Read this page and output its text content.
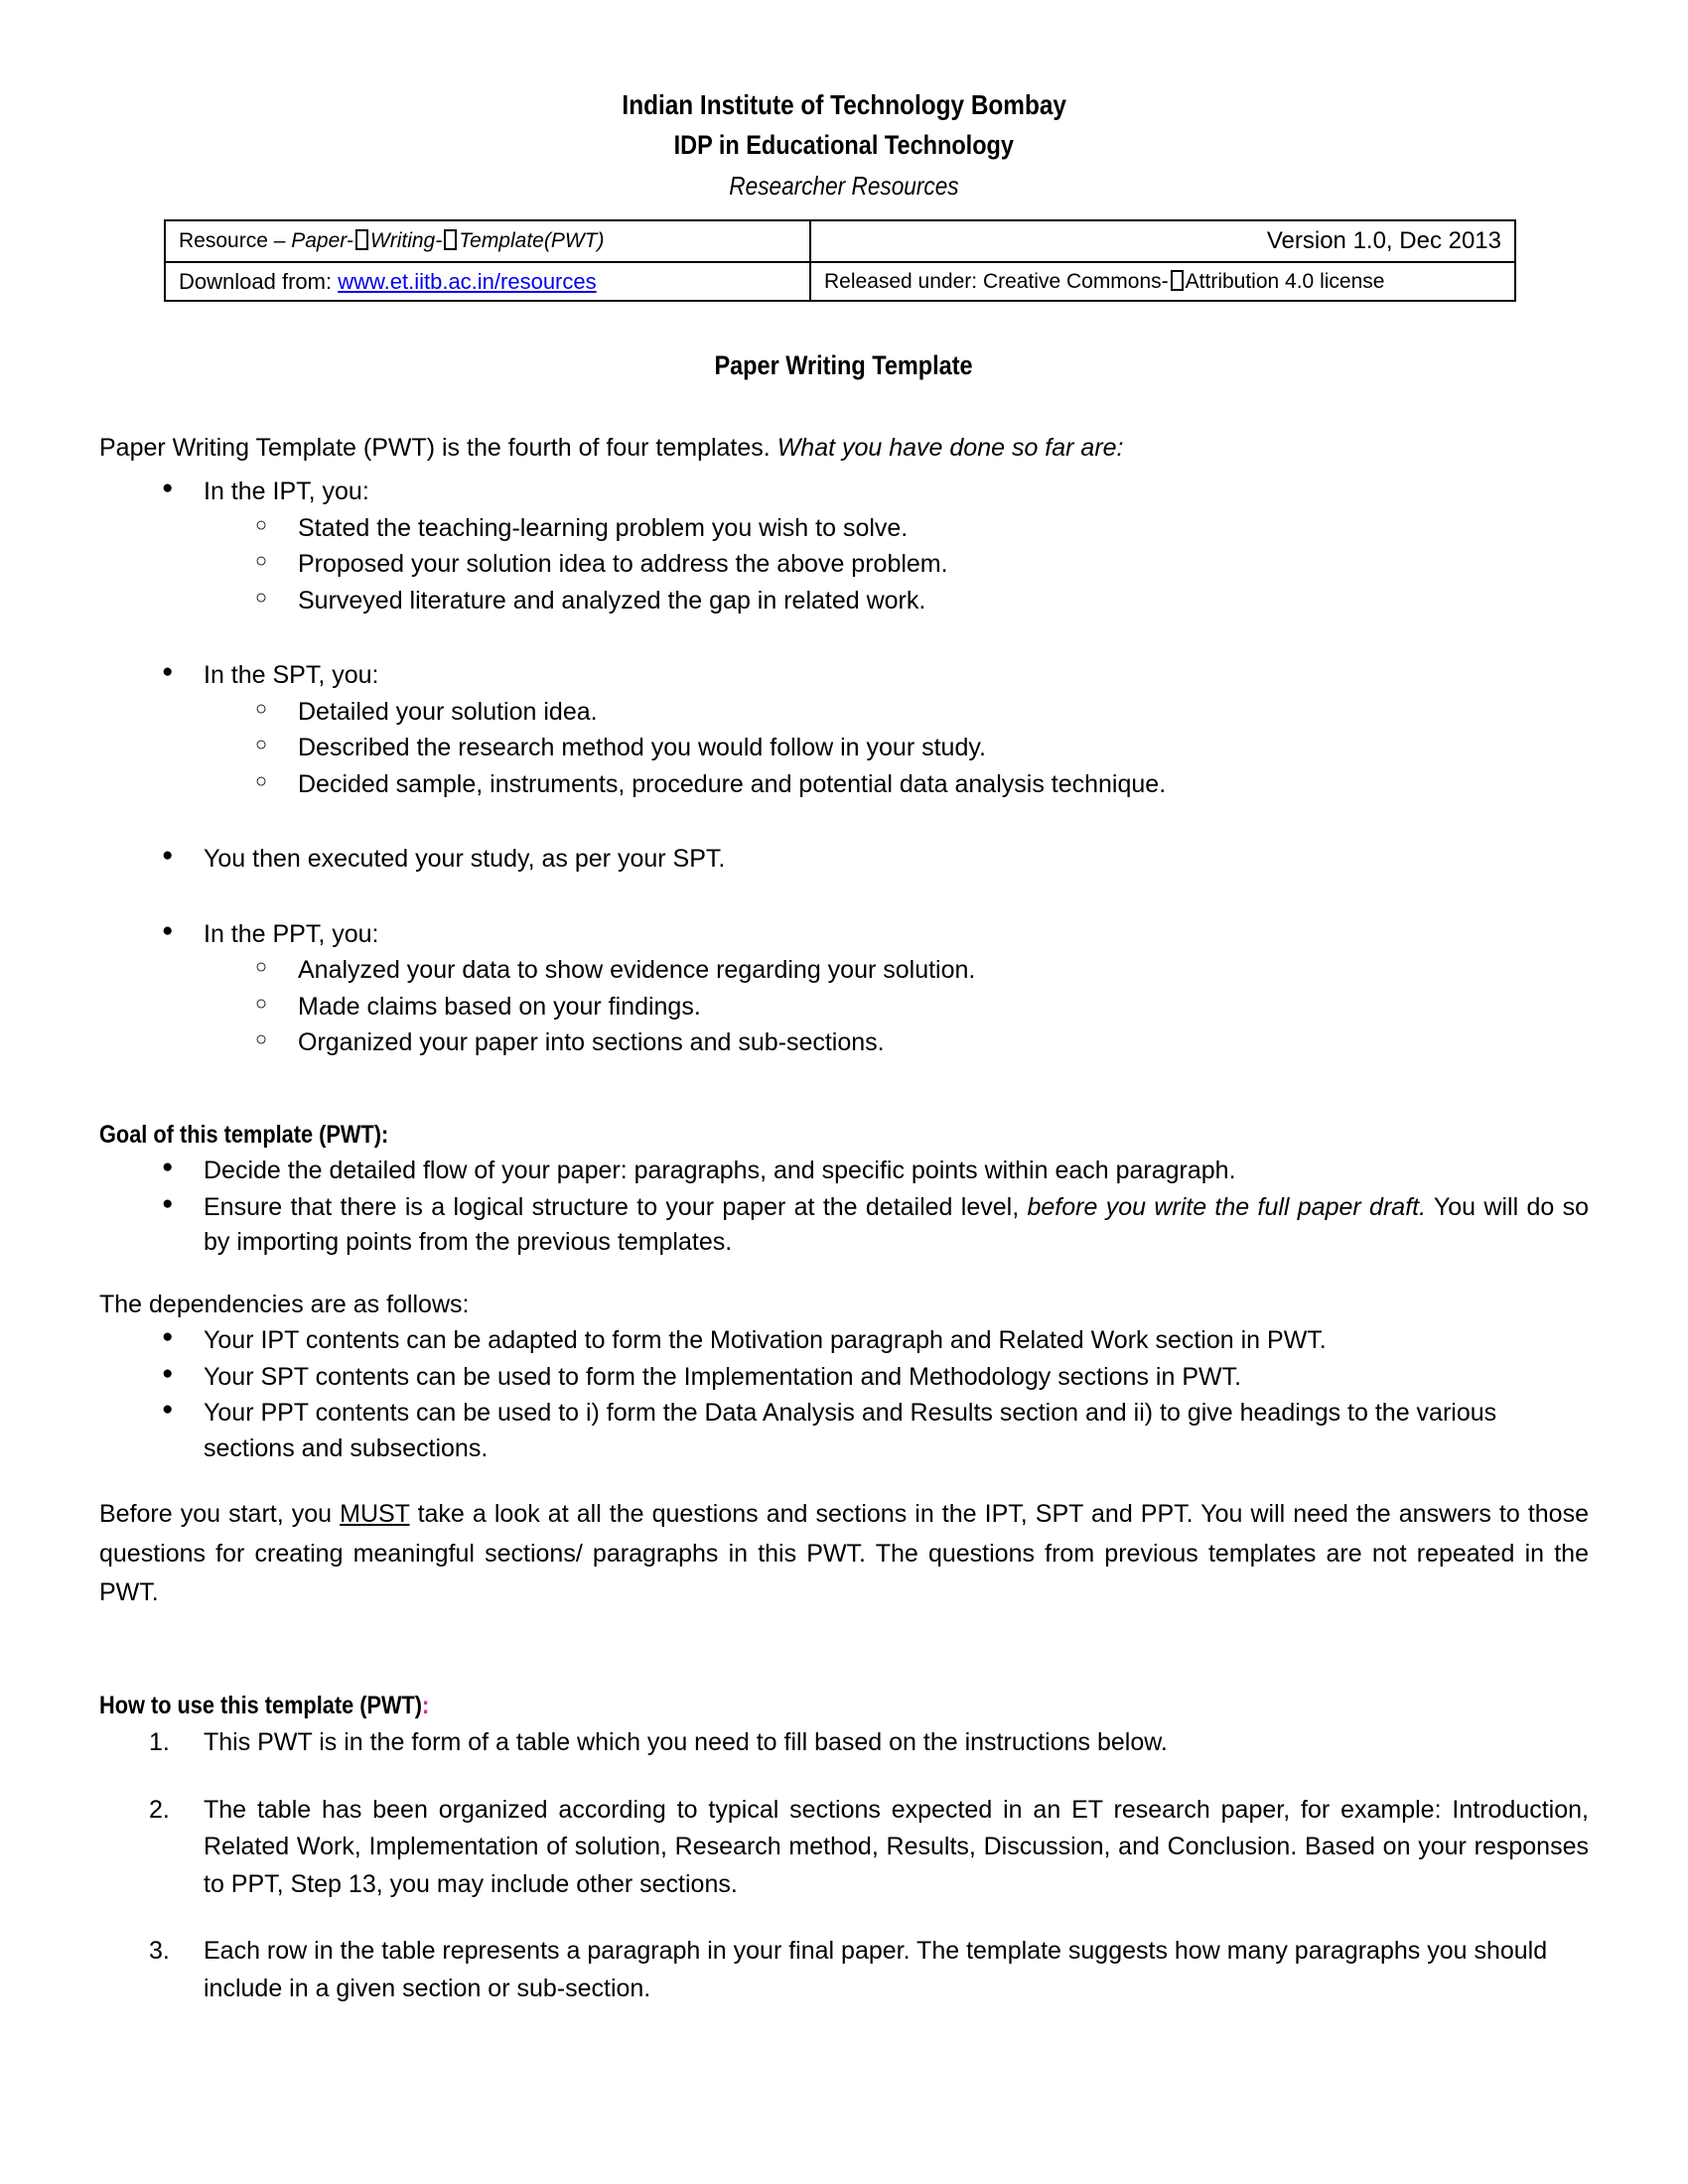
Indian Institute of Technology Bombay
IDP in Educational Technology
Researcher Resources
Resource – Paper- Writing- Template(PWT)	Version 1.0, Dec 2013
Download from: www.et.iitb.ac.in/resources	Released under: Creative Commons- Attribution 4.0 license
Paper Writing Template
Paper Writing Template (PWT) is the fourth of four templates. What you have done so far are:
● In the IPT, you:
○ Stated the teaching-learning problem you wish to solve.
○ Proposed your solution idea to address the above problem.
○ Surveyed literature and analyzed the gap in related work.
● In the SPT, you:
○ Detailed your solution idea.
○ Described the research method you would follow in your study.
○ Decided sample, instruments, procedure and potential data analysis technique.
● You then executed your study, as per your SPT.
● In the PPT, you:
○ Analyzed your data to show evidence regarding your solution.
○ Made claims based on your findings.
○ Organized your paper into sections and sub-sections.
Goal of this template (PWT):
● Decide the detailed flow of your paper: paragraphs, and specific points within each paragraph.
● Ensure that there is a logical structure to your paper at the detailed level, before you write the full paper draft. You will do so by importing points from the previous templates.
The dependencies are as follows:
● Your IPT contents can be adapted to form the Motivation paragraph and Related Work section in PWT.
● Your SPT contents can be used to form the Implementation and Methodology sections in PWT.
● Your PPT contents can be used to i) form the Data Analysis and Results section and ii) to give headings to the various sections and subsections.
Before you start, you MUST take a look at all the questions and sections in the IPT, SPT and PPT. You will need the answers to those questions for creating meaningful sections/ paragraphs in this PWT. The questions from previous templates are not repeated in the PWT.
How to use this template (PWT):
1. This PWT is in the form of a table which you need to fill based on the instructions below.
2. The table has been organized according to typical sections expected in an ET research paper, for example: Introduction, Related Work, Implementation of solution, Research method, Results, Discussion, and Conclusion. Based on your responses to PPT, Step 13, you may include other sections.
3. Each row in the table represents a paragraph in your final paper. The template suggests how many paragraphs you should include in a given section or sub-section.
